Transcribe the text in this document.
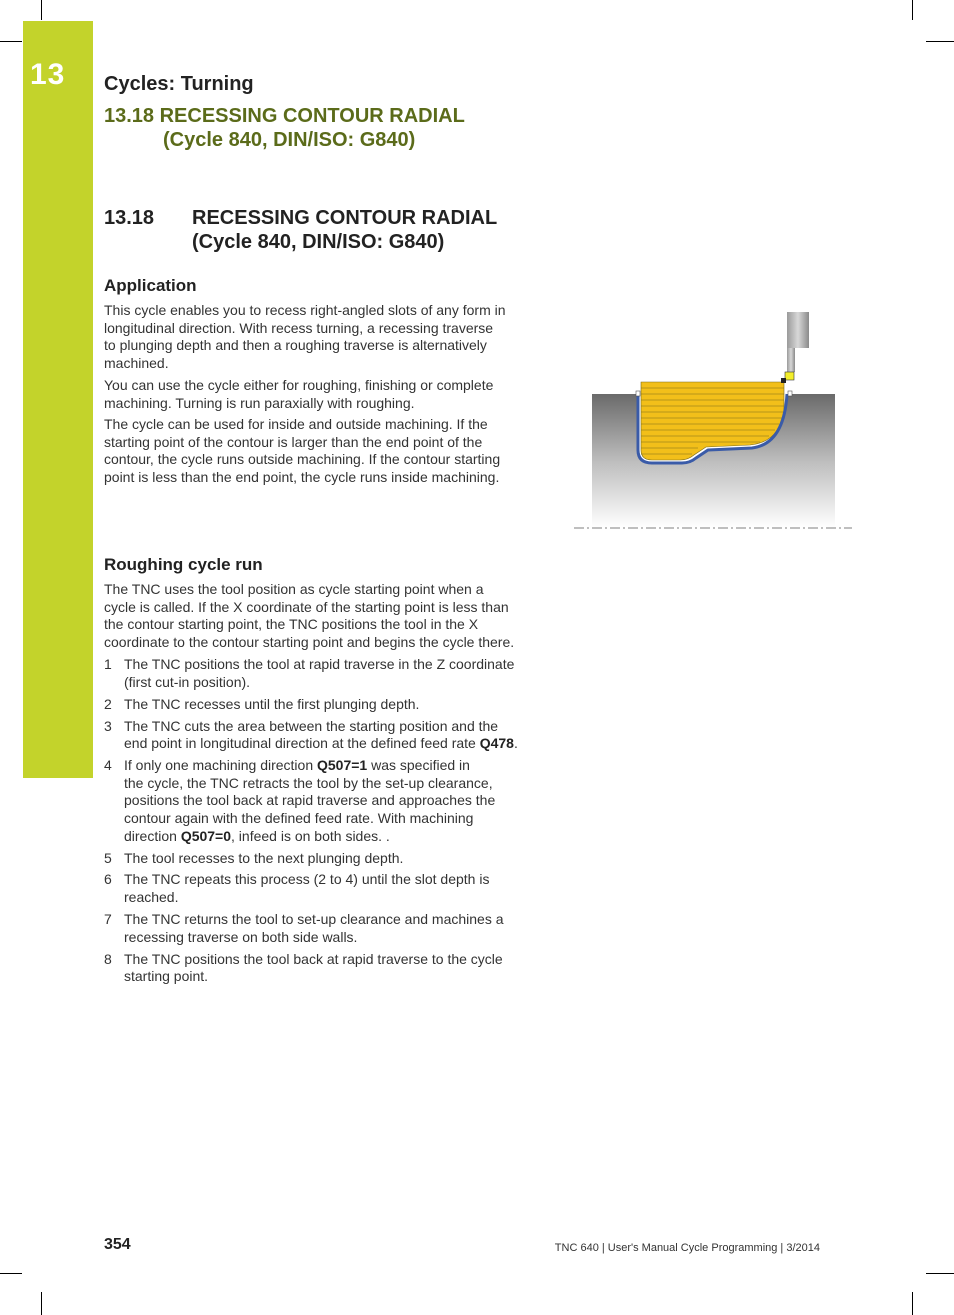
13 Cycles: Turning
13.18 RECESSING CONTOUR RADIAL
(Cycle 840, DIN/ISO: G840)
13.18 RECESSING CONTOUR RADIAL
(Cycle 840, DIN/ISO: G840)
Application

This cycle enables you to recess right-angled slots of any form in
longitudinal direction. With recess turning, a recessing traverse
to plunging depth and then a roughing traverse is alternatively
machined.

You can use the cycle either for roughing, finishing or complete
machining. Turning is run paraxially with roughing.

The cycle can be used for inside and outside machining. If the
starting point of the contour is larger than the end point of the
contour, the cycle runs outside machining. If the contour starting
point is less than the end point, the cycle runs inside machining.

Roughing cycle run

The TNC uses the tool position as cycle starting point when a
cycle is called. If the X coordinate of the starting point is less than
the contour starting point, the TNC positions the tool in the X
coordinate to the contour starting point and begins the cycle there.

1 The TNC positions the tool at rapid traverse in the Z coordinate
(first cut-in position).
2 The TNC recesses until the first plunging depth.
3 The TNC cuts the area between the starting position and the
end point in longitudinal direction at the defined feed rate Q478.
4 If only one machining direction Q507=1 was specified in
the cycle, the TNC retracts the tool by the set-up clearance,
positions the tool back at rapid traverse and approaches the
contour again with the defined feed rate. With machining
direction Q507=0, infeed is on both sides. .
5 The tool recesses to the next plunging depth.
6 The TNC repeats this process (2 to 4) until the slot depth is
reached.
7 The TNC returns the tool to set-up clearance and machines a
recessing traverse on both side walls.
8 The TNC positions the tool back at rapid traverse to the cycle
starting point.
354	TNC 640 | User's Manual Cycle Programming | 3/2014
